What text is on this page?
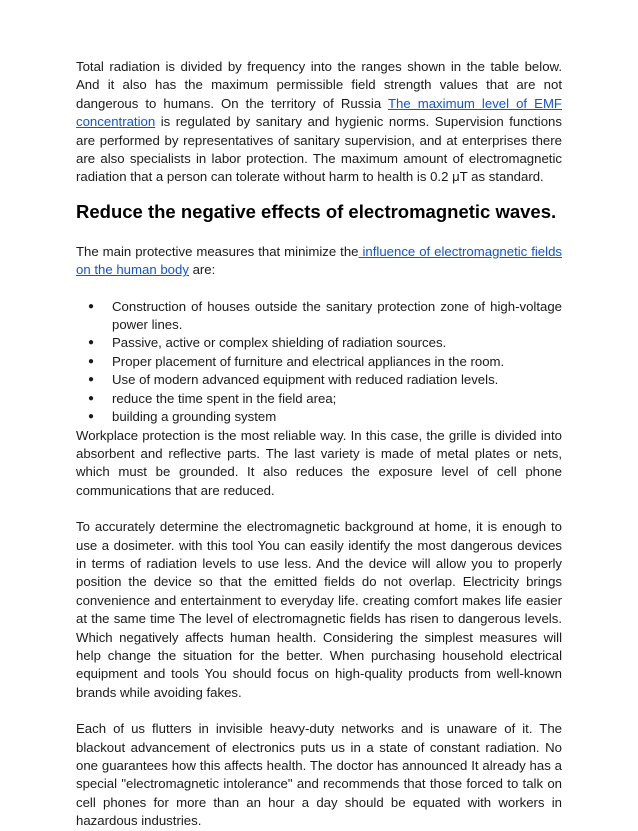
Total radiation is divided by frequency into the ranges shown in the table below. And it also has the maximum permissible field strength values that are not dangerous to humans. On the territory of Russia The maximum level of EMF concentration is regulated by sanitary and hygienic norms. Supervision functions are performed by representatives of sanitary supervision, and at enterprises there are also specialists in labor protection. The maximum amount of electromagnetic radiation that a person can tolerate without harm to health is 0.2 μT as standard.

Reduce the negative effects of electromagnetic waves.

The main protective measures that minimize the influence of electromagnetic fields on the human body are:

● Construction of houses outside the sanitary protection zone of high-voltage power lines.
● Passive, active or complex shielding of radiation sources.
● Proper placement of furniture and electrical appliances in the room.
● Use of modern advanced equipment with reduced radiation levels.
● reduce the time spent in the field area;
● building a grounding system

Workplace protection is the most reliable way. In this case, the grille is divided into absorbent and reflective parts. The last variety is made of metal plates or nets, which must be grounded. It also reduces the exposure level of cell phone communications that are reduced.

To accurately determine the electromagnetic background at home, it is enough to use a dosimeter. with this tool You can easily identify the most dangerous devices in terms of radiation levels to use less. And the device will allow you to properly position the device so that the emitted fields do not overlap. Electricity brings convenience and entertainment to everyday life. creating comfort makes life easier at the same time The level of electromagnetic fields has risen to dangerous levels. Which negatively affects human health. Considering the simplest measures will help change the situation for the better. When purchasing household electrical equipment and tools You should focus on high-quality products from well-known brands while avoiding fakes.

Each of us flutters in invisible heavy-duty networks and is unaware of it. The blackout advancement of electronics puts us in a state of constant radiation. No one guarantees how this affects health. The doctor has announced It already has a special "electromagnetic intolerance" and recommends that those forced to talk on cell phones for more than an hour a day should be equated with workers in hazardous industries.
